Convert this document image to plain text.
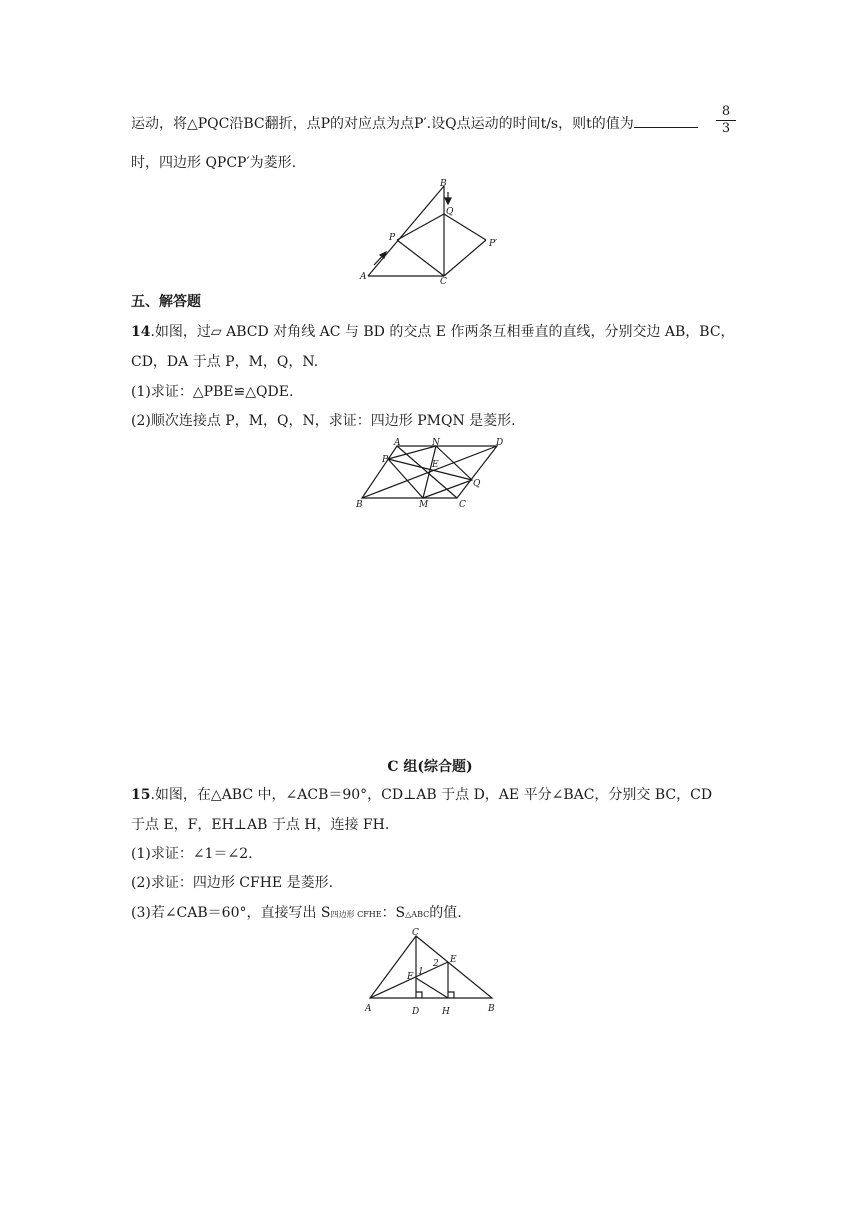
运动，将△PQC沿BC翻折，点P的对应点为点P′.设Q点运动的时间t/s，则t的值为	$\frac{8}{3}$
时，四边形 QPCP′为菱形.
B
Q
P
P′
A	C
五、解答题
14.如图，过▱ ABCD 对角线 AC 与 BD 的交点 E 作两条互相垂直的直线，分别交边 AB，BC，
CD，DA 于点 P，M，Q，N.
(1)求证：△PBE≌△QDE.
(2)顺次连接点 P，M，Q，N，求证：四边形 PMQN 是菱形.
A	N	D
P	E
Q
B	M	C
C 组(综合题)
15.如图，在△ABC 中，∠ACB＝90°，CD⊥AB 于点 D，AE 平分∠BAC，分别交 BC，CD
于点 E，F，EH⊥AB 于点 H，连接 FH.
(1)求证：∠1＝∠2.
(2)求证：四边形 CFHE 是菱形.
(3)若∠CAB＝60°，直接写出 S四边形 CFHE：S△ABC的值.
C
E
F 1
2
A	D	H	B
